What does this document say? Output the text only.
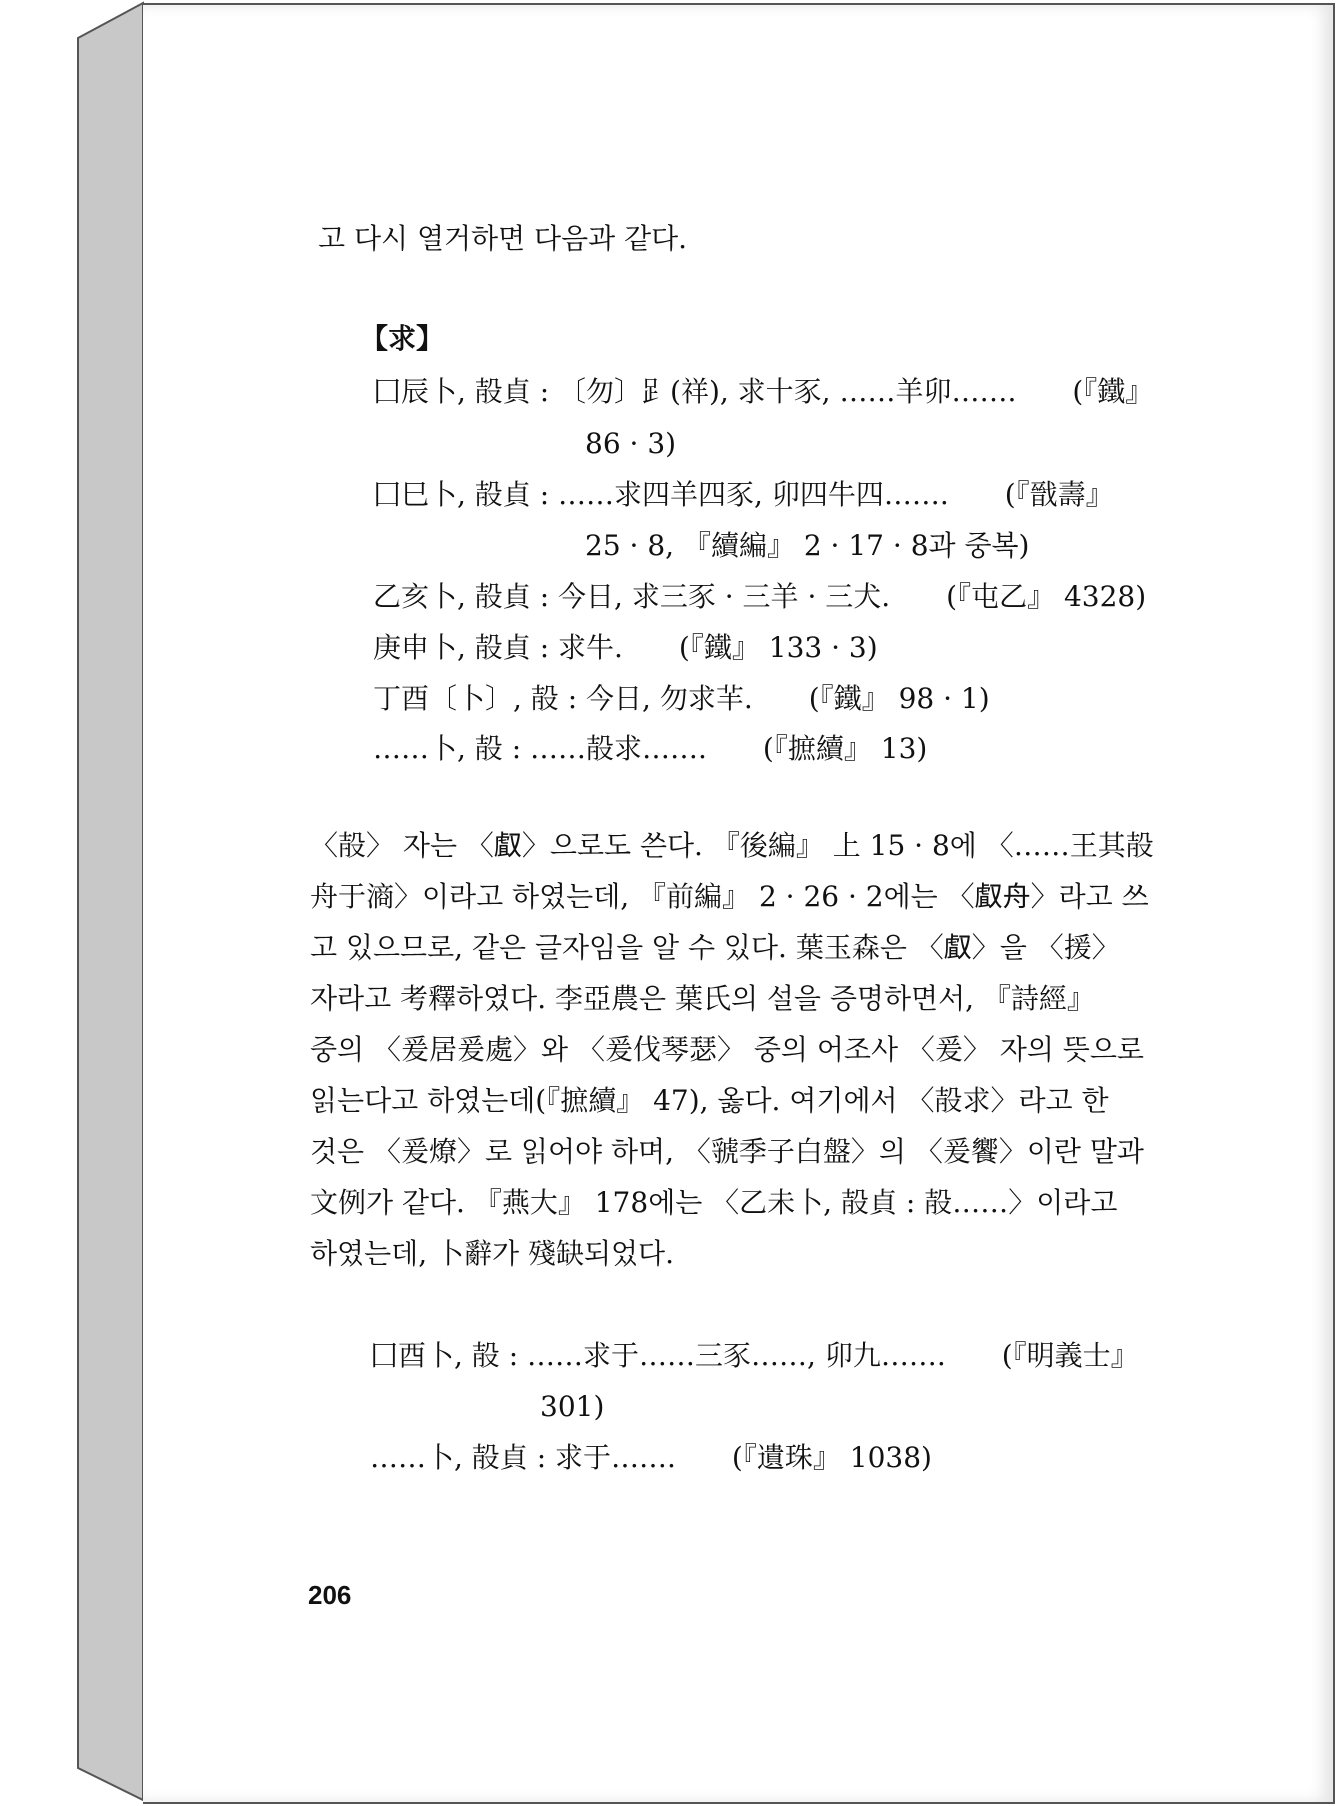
고 다시 열거하면 다음과 같다.
【求】
囗辰卜, 㱿貞 : 〔勿〕𧾷(祥), 求十豕, ……羊卯…….　　(『鐵』
86 · 3)
囗巳卜, 㱿貞 : ……求四羊四豕, 卯四牛四…….　　(『戩壽』
25 · 8, 『續編』 2 · 17 · 8과 중복)
乙亥卜, 㱿貞 : 今日, 求三豕 · 三羊 · 三犬.　　(『屯乙』 4328)
庚申卜, 㱿貞 : 求牛.　　(『鐵』 133 · 3)
丁酉〔卜〕, 㱿 : 今日, 勿求𦍋.　　(『鐵』 98 · 1)
……卜, 㱿 : ……㱿求…….　　(『摭續』 13)
〈㱿〉 자는 〈𠭯〉으로도 쓴다. 『後編』 上 15 · 8에 〈……王其㱿
舟于滳〉이라고 하였는데, 『前編』 2 · 26 · 2에는 〈𠭯舟〉라고 쓰
고 있으므로, 같은 글자임을 알 수 있다. 葉玉森은 〈𠭯〉을 〈援〉
자라고 考釋하였다. 李亞農은 葉氏의 설을 증명하면서, 『詩經』
중의 〈爰居爰處〉와 〈爰伐琴瑟〉 중의 어조사 〈爰〉 자의 뜻으로
읽는다고 하였는데(『摭續』 47), 옳다. 여기에서 〈㱿求〉라고 한
것은 〈爰燎〉로 읽어야 하며, 〈虢季子白盤〉의 〈爰饗〉이란 말과
文例가 같다. 『燕大』 178에는 〈乙未卜, 㱿貞 : 㱿……〉이라고
하였는데, 卜辭가 殘缺되었다.
囗酉卜, 㱿 : ……求于……三豕……, 卯九…….　　(『明義士』
301)
……卜, 㱿貞 : 求于…….　　(『遺珠』 1038)
206
